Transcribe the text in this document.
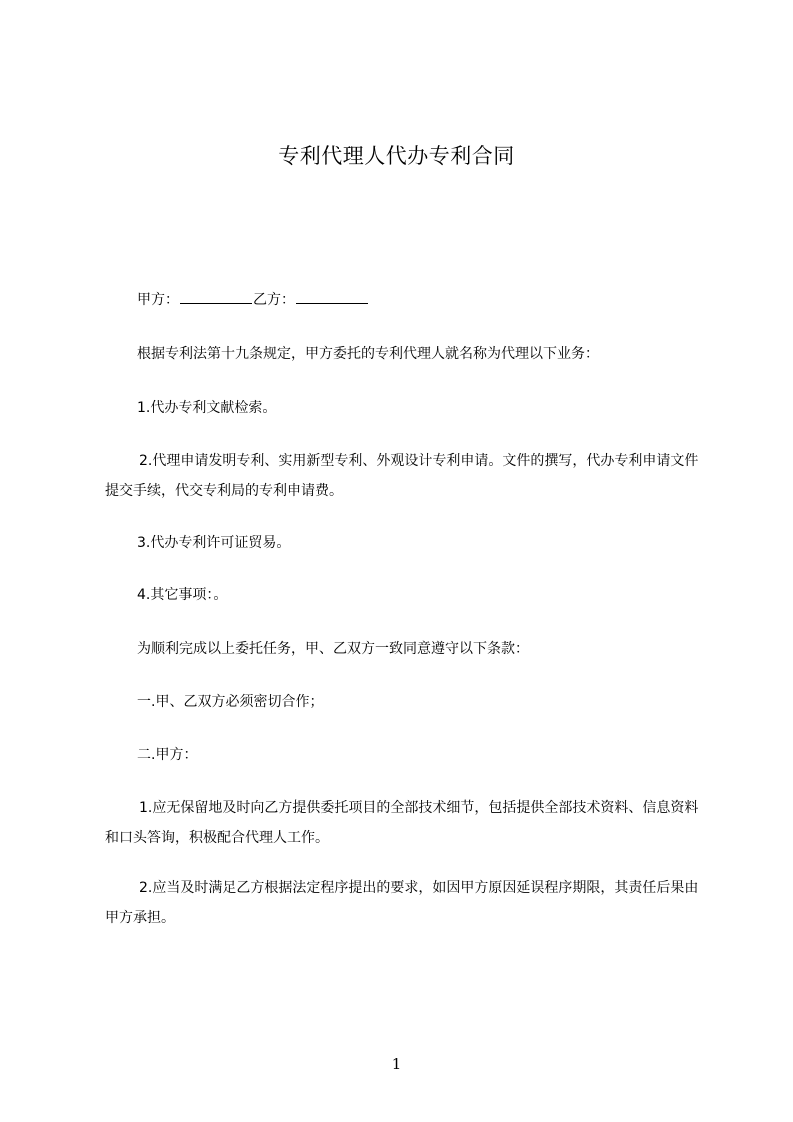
专利代理人代办专利合同
甲方：	乙方：
根据专利法第十九条规定，甲方委托的专利代理人就名称为代理以下业务：
1.代办专利文献检索。
2.代理申请发明专利、实用新型专利、外观设计专利申请。文件的撰写，代办专利申请文件提交手续，代交专利局的专利申请费。
3.代办专利许可证贸易。
4.其它事项：。
为顺利完成以上委托任务，甲、乙双方一致同意遵守以下条款：
一.甲、乙双方必须密切合作；
二.甲方：
1.应无保留地及时向乙方提供委托项目的全部技术细节，包括提供全部技术资料、信息资料和口头答询，积极配合代理人工作。
2.应当及时满足乙方根据法定程序提出的要求，如因甲方原因延误程序期限，其责任后果由甲方承担。
1
